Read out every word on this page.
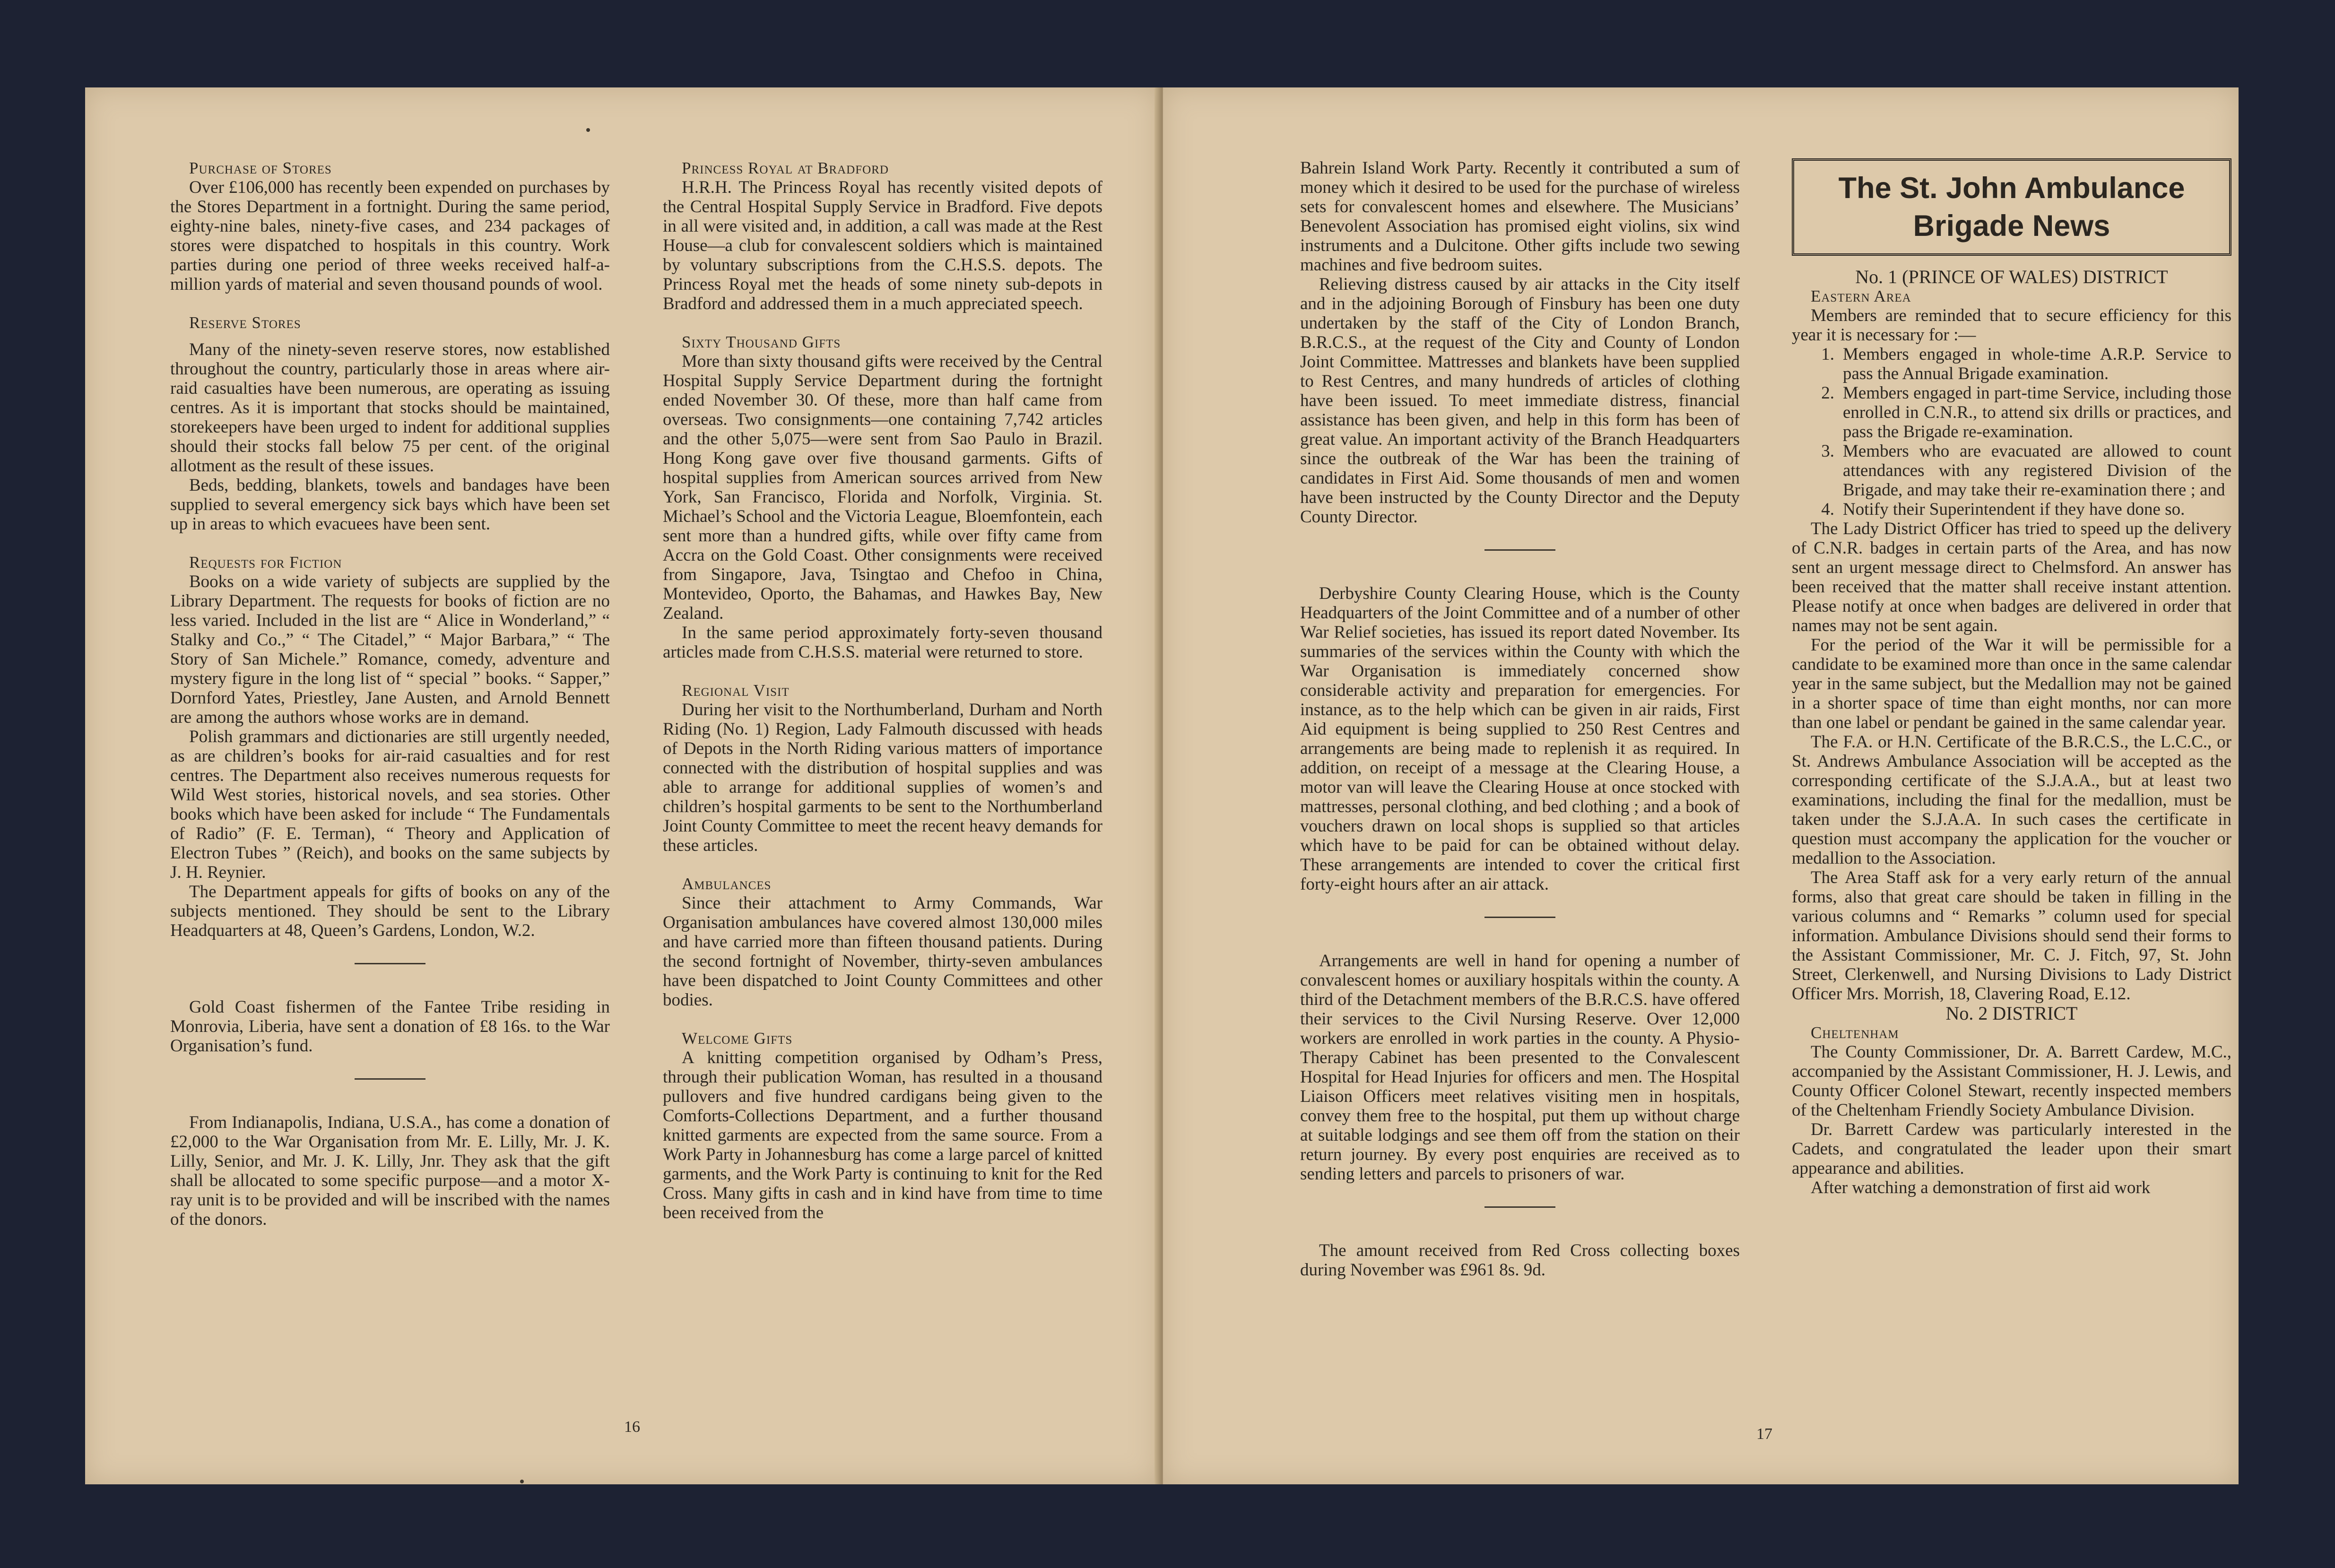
Purchase of Stores

Over £106,000 has recently been expended on purchases by the Stores Department in a fortnight. During the same period, eighty-nine bales, ninety-five cases, and 234 packages of stores were dispatched to hospitals in this country. Work parties during one period of three weeks received half-a-million yards of material and seven thousand pounds of wool.

Reserve Stores

Many of the ninety-seven reserve stores, now established throughout the country, particularly those in areas where air-raid casualties have been numerous, are operating as issuing centres. As it is important that stocks should be maintained, storekeepers have been urged to indent for additional supplies should their stocks fall below 75 per cent. of the original allotment as the result of these issues.

Beds, bedding, blankets, towels and bandages have been supplied to several emergency sick bays which have been set up in areas to which evacuees have been sent.

Requests for Fiction

Books on a wide variety of subjects are supplied by the Library Department. The requests for books of fiction are no less varied. Included in the list are “ Alice in Wonderland,” “ Stalky and Co.,” “ The Citadel,” “ Major Barbara,” “ The Story of San Michele.” Romance, comedy, adventure and mystery figure in the long list of “ special ” books. “ Sapper,” Dornford Yates, Priestley, Jane Austen, and Arnold Bennett are among the authors whose works are in demand.

Polish grammars and dictionaries are still urgently needed, as are children’s books for air-raid casualties and for rest centres. The Department also receives numerous requests for Wild West stories, historical novels, and sea stories. Other books which have been asked for include “ The Fundamentals of Radio” (F. E. Terman), “ Theory and Application of Electron Tubes ” (Reich), and books on the same subjects by J. H. Reynier.

The Department appeals for gifts of books on any of the subjects mentioned. They should be sent to the Library Headquarters at 48, Queen’s Gardens, London, W.2.

Gold Coast fishermen of the Fantee Tribe residing in Monrovia, Liberia, have sent a donation of £8 16s. to the War Organisation’s fund.

From Indianapolis, Indiana, U.S.A., has come a donation of £2,000 to the War Organisation from Mr. E. Lilly, Mr. J. K. Lilly, Senior, and Mr. J. K. Lilly, Jnr. They ask that the gift shall be allocated to some specific purpose—and a motor X-ray unit is to be provided and will be inscribed with the names of the donors.

Princess Royal at Bradford

H.R.H. The Princess Royal has recently visited depots of the Central Hospital Supply Service in Bradford. Five depots in all were visited and, in addition, a call was made at the Rest House—a club for convalescent soldiers which is maintained by voluntary subscriptions from the C.H.S.S. depots. The Princess Royal met the heads of some ninety sub-depots in Bradford and addressed them in a much appreciated speech.

Sixty Thousand Gifts

More than sixty thousand gifts were received by the Central Hospital Supply Service Department during the fortnight ended November 30. Of these, more than half came from overseas. Two consignments—one containing 7,742 articles and the other 5,075—were sent from Sao Paulo in Brazil. Hong Kong gave over five thousand garments. Gifts of hospital supplies from American sources arrived from New York, San Francisco, Florida and Norfolk, Virginia. St. Michael’s School and the Victoria League, Bloemfontein, each sent more than a hundred gifts, while over fifty came from Accra on the Gold Coast. Other consignments were received from Singapore, Java, Tsingtao and Chefoo in China, Montevideo, Oporto, the Bahamas, and Hawkes Bay, New Zealand.

In the same period approximately forty-seven thousand articles made from C.H.S.S. material were returned to store.

Regional Visit

During her visit to the Northumberland, Durham and North Riding (No. 1) Region, Lady Falmouth discussed with heads of Depots in the North Riding various matters of importance connected with the distribution of hospital supplies and was able to arrange for additional supplies of women’s and children’s hospital garments to be sent to the Northumberland Joint County Committee to meet the recent heavy demands for these articles.

Ambulances

Since their attachment to Army Commands, War Organisation ambulances have covered almost 130,000 miles and have carried more than fifteen thousand patients. During the second fortnight of November, thirty-seven ambulances have been dispatched to Joint County Committees and other bodies.

Welcome Gifts

A knitting competition organised by Odham’s Press, through their publication Woman, has resulted in a thousand pullovers and five hundred cardigans being given to the Comforts-Collections Department, and a further thousand knitted garments are expected from the same source. From a Work Party in Johannesburg has come a large parcel of knitted garments, and the Work Party is continuing to knit for the Red Cross. Many gifts in cash and in kind have from time to time been received from the

16

Bahrein Island Work Party. Recently it contributed a sum of money which it desired to be used for the purchase of wireless sets for convalescent homes and elsewhere. The Musicians’ Benevolent Association has promised eight violins, six wind instruments and a Dulcitone. Other gifts include two sewing machines and five bedroom suites.

Relieving distress caused by air attacks in the City itself and in the adjoining Borough of Finsbury has been one duty undertaken by the staff of the City of London Branch, B.R.C.S., at the request of the City and County of London Joint Committee. Mattresses and blankets have been supplied to Rest Centres, and many hundreds of articles of clothing have been issued. To meet immediate distress, financial assistance has been given, and help in this form has been of great value. An important activity of the Branch Headquarters since the outbreak of the War has been the training of candidates in First Aid. Some thousands of men and women have been instructed by the County Director and the Deputy County Director.

Derbyshire County Clearing House, which is the County Headquarters of the Joint Committee and of a number of other War Relief societies, has issued its report dated November. Its summaries of the services within the County with which the War Organisation is immediately concerned show considerable activity and preparation for emergencies. For instance, as to the help which can be given in air raids, First Aid equipment is being supplied to 250 Rest Centres and arrangements are being made to replenish it as required. In addition, on receipt of a message at the Clearing House, a motor van will leave the Clearing House at once stocked with mattresses, personal clothing, and bed clothing ; and a book of vouchers drawn on local shops is supplied so that articles which have to be paid for can be obtained without delay. These arrangements are intended to cover the critical first forty-eight hours after an air attack.

Arrangements are well in hand for opening a number of convalescent homes or auxiliary hospitals within the county. A third of the Detachment members of the B.R.C.S. have offered their services to the Civil Nursing Reserve. Over 12,000 workers are enrolled in work parties in the county. A Physio-Therapy Cabinet has been presented to the Convalescent Hospital for Head Injuries for officers and men. The Hospital Liaison Officers meet relatives visiting men in hospitals, convey them free to the hospital, put them up without charge at suitable lodgings and see them off from the station on their return journey. By every post enquiries are received as to sending letters and parcels to prisoners of war.

The amount received from Red Cross collecting boxes during November was £961 8s. 9d.

The St. John Ambulance
Brigade News

No. 1 (PRINCE OF WALES) DISTRICT

Eastern Area

Members are reminded that to secure efficiency for this year it is necessary for :—

1. Members engaged in whole-time A.R.P. Service to pass the Annual Brigade examination.
2. Members engaged in part-time Service, including those enrolled in C.N.R., to attend six drills or practices, and pass the Brigade re-examination.
3. Members who are evacuated are allowed to count attendances with any registered Division of the Brigade, and may take their re-examination there ; and
4. Notify their Superintendent if they have done so.

The Lady District Officer has tried to speed up the delivery of C.N.R. badges in certain parts of the Area, and has now sent an urgent message direct to Chelmsford. An answer has been received that the matter shall receive instant attention. Please notify at once when badges are delivered in order that names may not be sent again.

For the period of the War it will be permissible for a candidate to be examined more than once in the same calendar year in the same subject, but the Medallion may not be gained in a shorter space of time than eight months, nor can more than one label or pendant be gained in the same calendar year.

The F.A. or H.N. Certificate of the B.R.C.S., the L.C.C., or St. Andrews Ambulance Association will be accepted as the corresponding certificate of the S.J.A.A., but at least two examinations, including the final for the medallion, must be taken under the S.J.A.A. In such cases the certificate in question must accompany the application for the voucher or medallion to the Association.

The Area Staff ask for a very early return of the annual forms, also that great care should be taken in filling in the various columns and “ Remarks ” column used for special information. Ambulance Divisions should send their forms to the Assistant Commissioner, Mr. C. J. Fitch, 97, St. John Street, Clerkenwell, and Nursing Divisions to Lady District Officer Mrs. Morrish, 18, Clavering Road, E.12.

No. 2 DISTRICT

Cheltenham

The County Commissioner, Dr. A. Barrett Cardew, M.C., accompanied by the Assistant Commissioner, H. J. Lewis, and County Officer Colonel Stewart, recently inspected members of the Cheltenham Friendly Society Ambulance Division.

Dr. Barrett Cardew was particularly interested in the Cadets, and congratulated the leader upon their smart appearance and abilities.

After watching a demonstration of first aid work

17
